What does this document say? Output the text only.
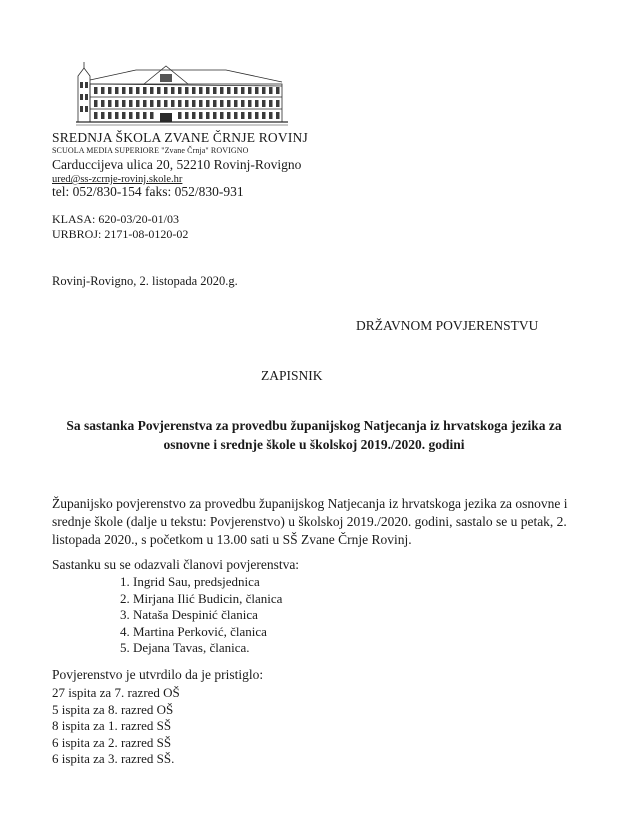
SREDNJA ŠKOLA ZVANE ČRNJE ROVINJ
SCUOLA MEDIA SUPERIORE "Zvane Črnja" ROVIGNO
Carduccijeva ulica 20, 52210 Rovinj-Rovigno
ured@ss-zcrnje-rovinj.skole.hr
tel: 052/830-154 faks: 052/830-931
KLASA: 620-03/20-01/03
URBROJ: 2171-08-0120-02
Rovinj-Rovigno, 2. listopada 2020.g.
DRŽAVNOM POVJERENSTVU
ZAPISNIK
Sa sastanka Povjerenstva za provedbu županijskog Natjecanja iz hrvatskoga jezika za osnovne i srednje škole u školskoj 2019./2020. godini
Županijsko povjerenstvo za provedbu županijskog Natjecanja iz hrvatskoga jezika za osnovne i srednje škole (dalje u tekstu: Povjerenstvo) u školskoj 2019./2020. godini, sastalo se u petak, 2. listopada 2020., s početkom u 13.00 sati u SŠ Zvane Črnje Rovinj.
Sastanku su se odazvali članovi povjerenstva:
1. Ingrid Sau, predsjednica
2. Mirjana Ilić Budicin, članica
3. Nataša Despinić članica
4. Martina Perković, članica
5. Dejana Tavas, članica.
Povjerenstvo je utvrdilo da je pristiglo:
27 ispita za 7. razred OŠ
5 ispita za 8. razred OŠ
8 ispita za 1. razred SŠ
6 ispita za 2. razred SŠ
6 ispita za 3. razred SŠ.
